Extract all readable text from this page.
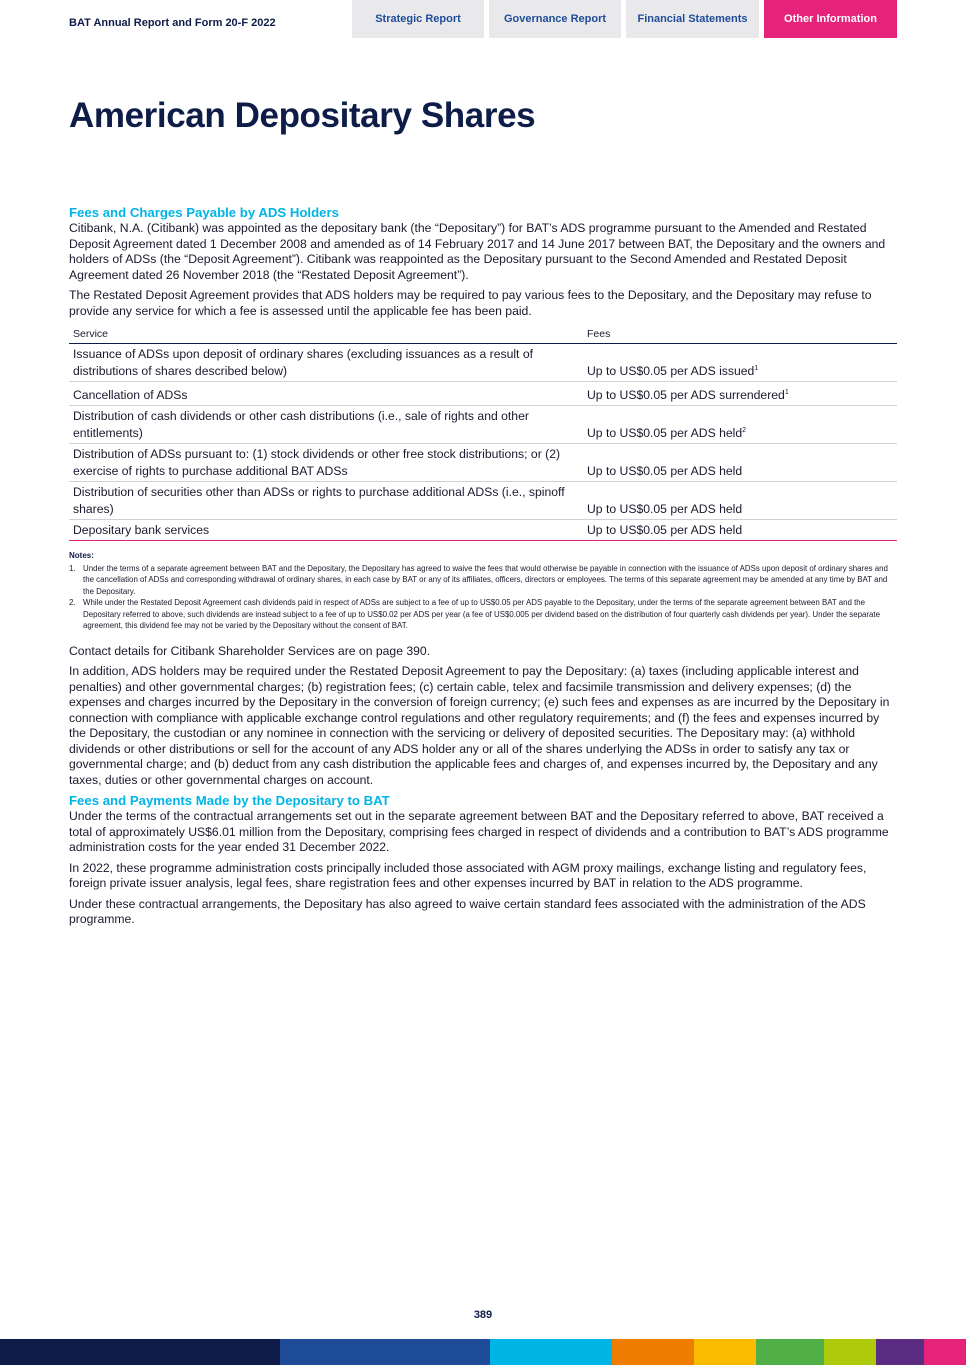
BAT Annual Report and Form 20-F 2022	Strategic Report	Governance Report	Financial Statements	Other Information
American Depositary Shares
Fees and Charges Payable by ADS Holders

Citibank, N.A. (Citibank) was appointed as the depositary bank (the “Depositary”) for BAT’s ADS programme pursuant to the Amended and Restated Deposit Agreement dated 1 December 2008 and amended as of 14 February 2017 and 14 June 2017 between BAT, the Depositary and the owners and holders of ADSs (the “Deposit Agreement”). Citibank was reappointed as the Depositary pursuant to the Second Amended and Restated Deposit Agreement dated 26 November 2018 (the “Restated Deposit Agreement”).

The Restated Deposit Agreement provides that ADS holders may be required to pay various fees to the Depositary, and the Depositary may refuse to provide any service for which a fee is assessed until the applicable fee has been paid.

Service	Fees
Issuance of ADSs upon deposit of ordinary shares (excluding issuances as a result of distributions of shares described below)	Up to US$0.05 per ADS issued$^1$
Cancellation of ADSs	Up to US$0.05 per ADS surrendered$^1$
Distribution of cash dividends or other cash distributions (i.e., sale of rights and other entitlements)	Up to US$0.05 per ADS held$^2$
Distribution of ADSs pursuant to: (1) stock dividends or other free stock distributions; or (2) exercise of rights to purchase additional BAT ADSs	Up to US$0.05 per ADS held
Distribution of securities other than ADSs or rights to purchase additional ADSs (i.e., spinoff shares)	Up to US$0.05 per ADS held
Depositary bank services	Up to US$0.05 per ADS held
Notes:
1. Under the terms of a separate agreement between BAT and the Depositary, the Depositary has agreed to waive the fees that would otherwise be payable in connection with the issuance of ADSs upon deposit of ordinary shares and the cancellation of ADSs and corresponding withdrawal of ordinary shares, in each case by BAT or any of its affiliates, officers, directors or employees. The terms of this separate agreement may be amended at any time by BAT and the Depositary.
2. While under the Restated Deposit Agreement cash dividends paid in respect of ADSs are subject to a fee of up to US$0.05 per ADS payable to the Depositary, under the terms of the separate agreement between BAT and the Depositary referred to above, such dividends are instead subject to a fee of up to US$0.02 per ADS per year (a fee of US$0.005 per dividend based on the distribution of four quarterly cash dividends per year). Under the separate agreement, this dividend fee may not be varied by the Depositary without the consent of BAT.

Contact details for Citibank Shareholder Services are on page 390.

In addition, ADS holders may be required under the Restated Deposit Agreement to pay the Depositary: (a) taxes (including applicable interest and penalties) and other governmental charges; (b) registration fees; (c) certain cable, telex and facsimile transmission and delivery expenses; (d) the expenses and charges incurred by the Depositary in the conversion of foreign currency; (e) such fees and expenses as are incurred by the Depositary in connection with compliance with applicable exchange control regulations and other regulatory requirements; and (f) the fees and expenses incurred by the Depositary, the custodian or any nominee in connection with the servicing or delivery of deposited securities. The Depositary may: (a) withhold dividends or other distributions or sell for the account of any ADS holder any or all of the shares underlying the ADSs in order to satisfy any tax or governmental charge; and (b) deduct from any cash distribution the applicable fees and charges of, and expenses incurred by, the Depositary and any taxes, duties or other governmental charges on account.

Fees and Payments Made by the Depositary to BAT

Under the terms of the contractual arrangements set out in the separate agreement between BAT and the Depositary referred to above, BAT received a total of approximately US$6.01 million from the Depositary, comprising fees charged in respect of dividends and a contribution to BAT’s ADS programme administration costs for the year ended 31 December 2022.

In 2022, these programme administration costs principally included those associated with AGM proxy mailings, exchange listing and regulatory fees, foreign private issuer analysis, legal fees, share registration fees and other expenses incurred by BAT in relation to the ADS programme.

Under these contractual arrangements, the Depositary has also agreed to waive certain standard fees associated with the administration of the ADS programme.

389
